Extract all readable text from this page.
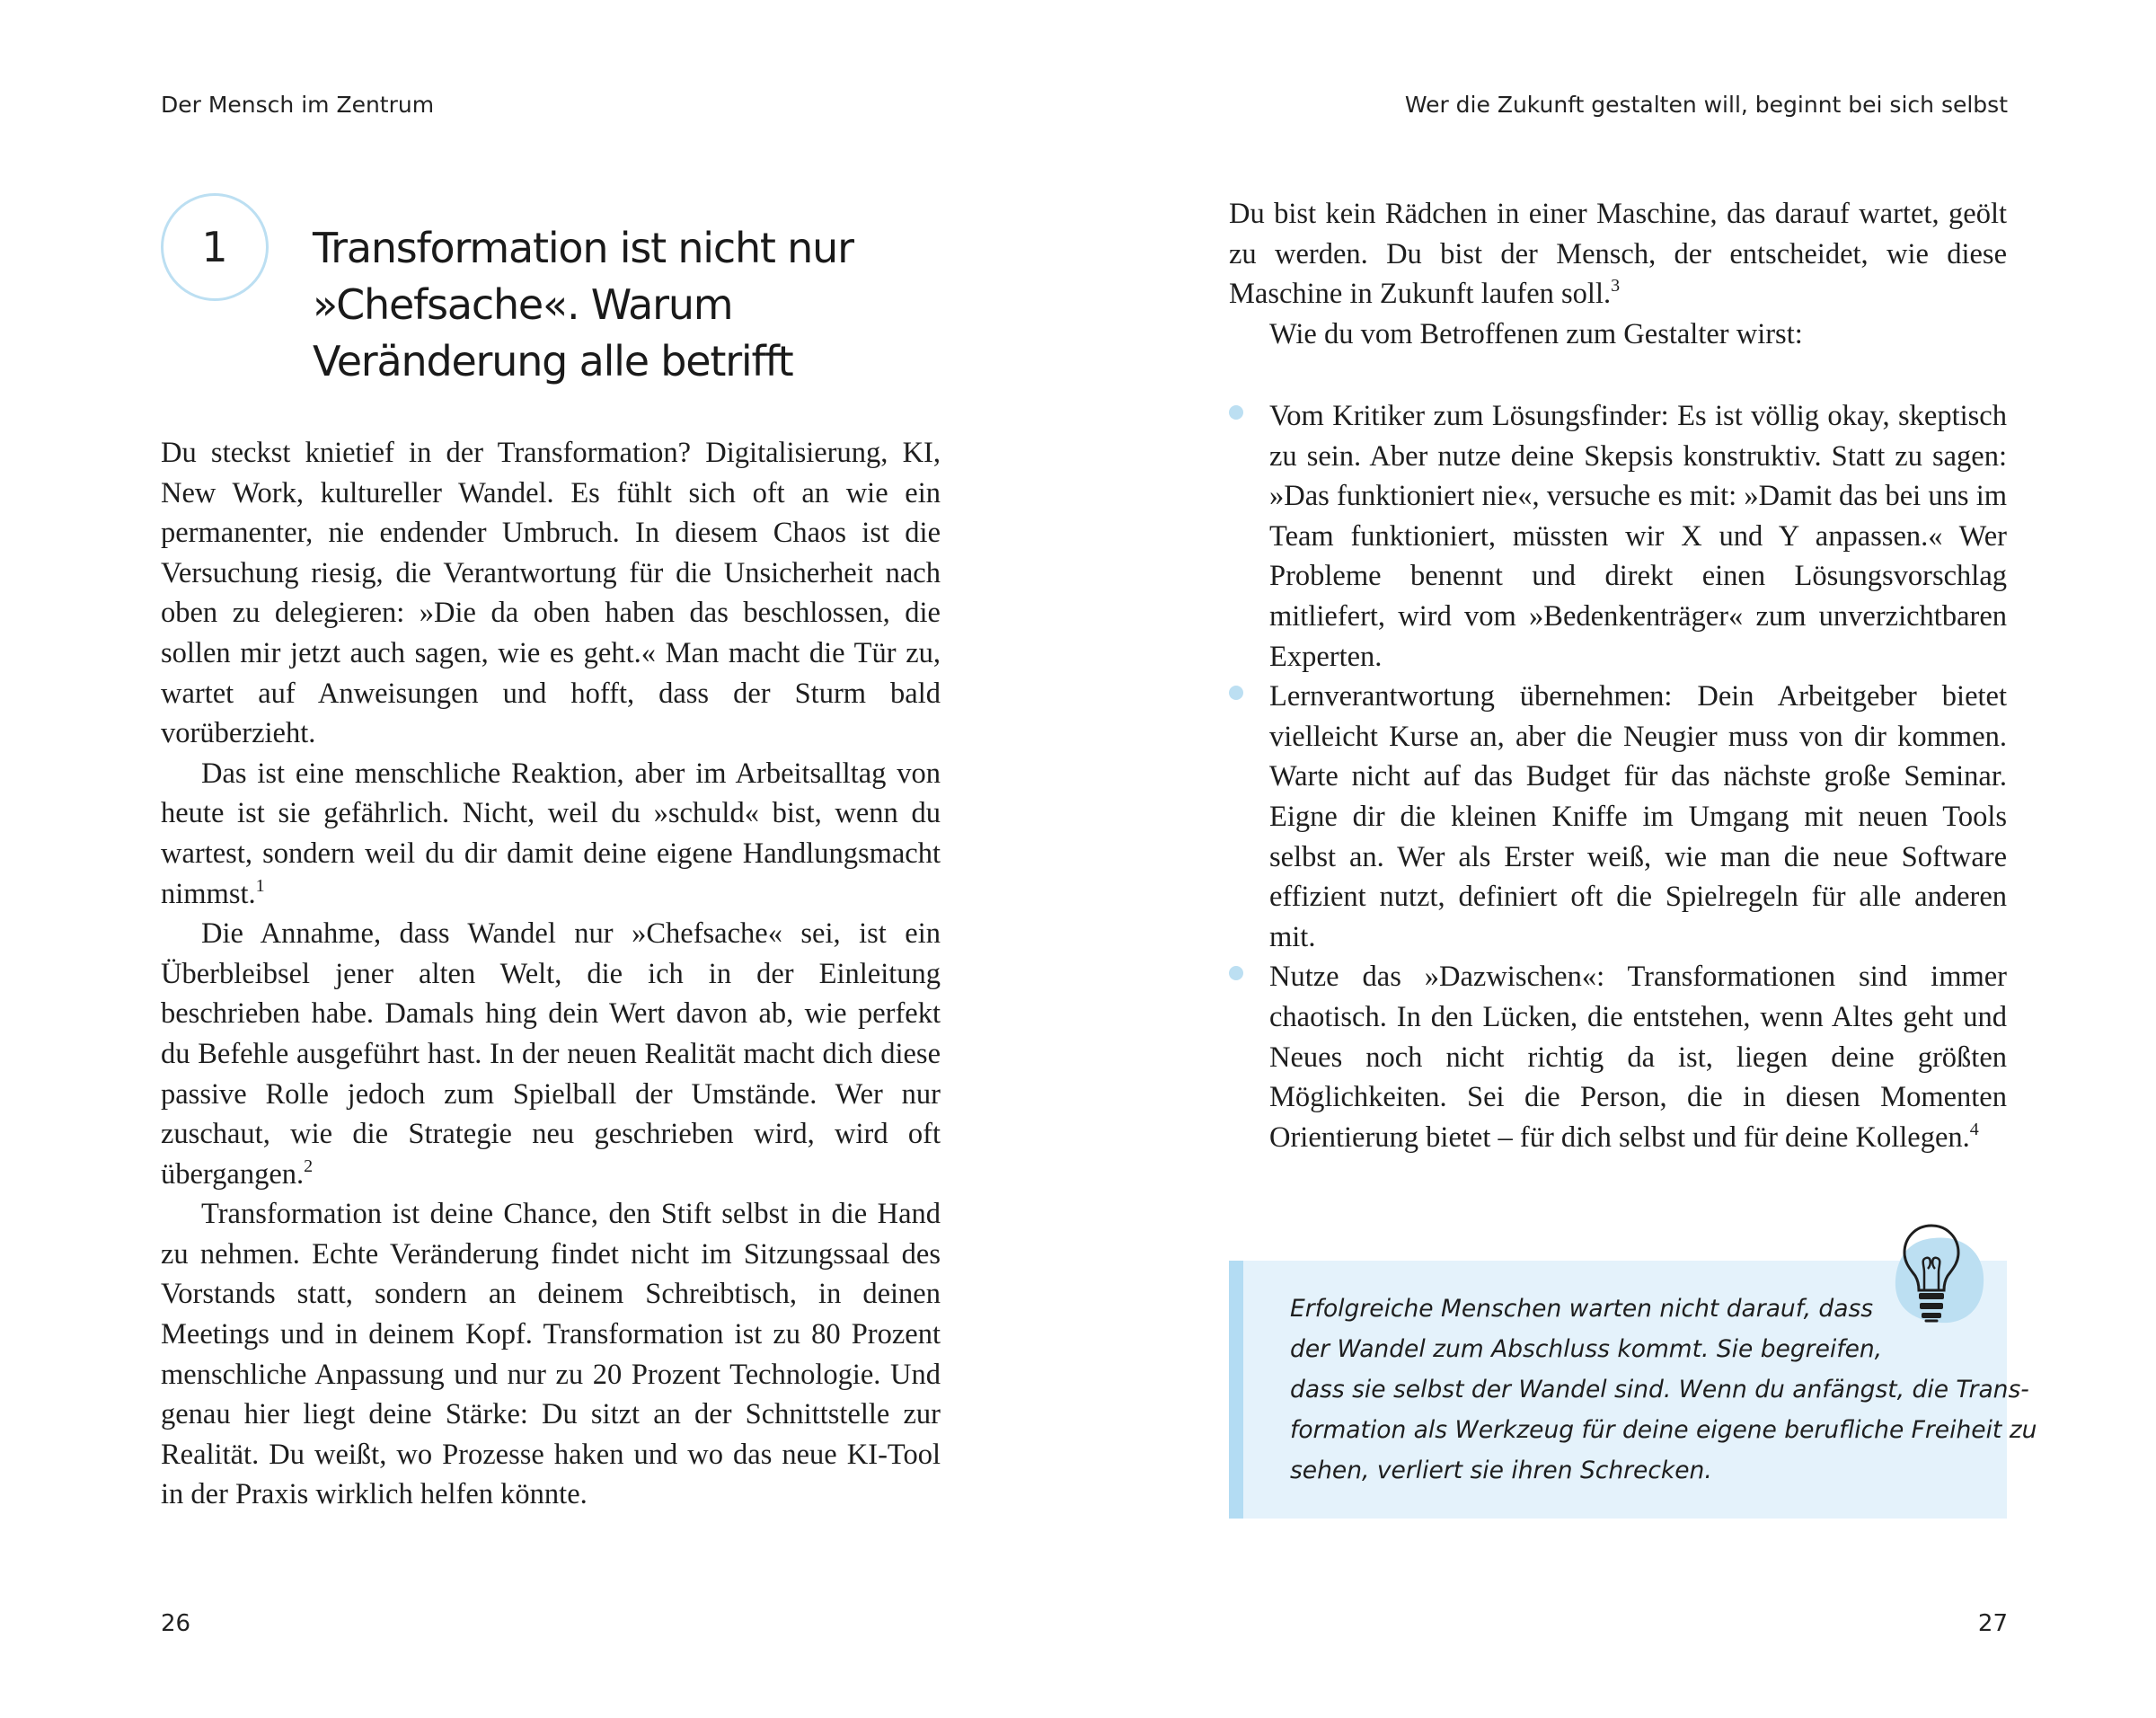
Der Mensch im Zentrum
1 Transformation ist nicht nur
»Chefsache«. Warum
Veränderung alle betrifft

Du steckst knietief in der Transformation? Digitalisierung, KI, New Work, kultureller Wandel. Es fühlt sich oft an wie ein permanenter, nie endender Umbruch. In diesem Chaos ist die Versuchung riesig, die Verantwortung für die Unsicherheit nach oben zu delegieren: »Die da oben haben das beschlossen, die sollen mir jetzt auch sagen, wie es geht.« Man macht die Tür zu, wartet auf Anweisungen und hofft, dass der Sturm bald vorüberzieht.

Das ist eine menschliche Reaktion, aber im Arbeitsalltag von heute ist sie gefährlich. Nicht, weil du »schuld« bist, wenn du wartest, sondern weil du dir damit deine eigene Handlungsmacht nimmst.$^1$

Die Annahme, dass Wandel nur »Chefsache« sei, ist ein Überbleibsel jener alten Welt, die ich in der Einleitung beschrieben habe. Damals hing dein Wert davon ab, wie perfekt du Befehle ausgeführt hast. In der neuen Realität macht dich diese passive Rolle jedoch zum Spielball der Umstände. Wer nur zuschaut, wie die Strategie neu geschrieben wird, wird oft übergangen.$^2$

Transformation ist deine Chance, den Stift selbst in die Hand zu nehmen. Echte Veränderung findet nicht im Sitzungssaal des Vorstands statt, sondern an deinem Schreibtisch, in deinen Meetings und in deinem Kopf. Transformation ist zu 80 Prozent menschliche Anpassung und nur zu 20 Prozent Technologie. Und genau hier liegt deine Stärke: Du sitzt an der Schnittstelle zur Realität. Du weißt, wo Prozesse haken und wo das neue KI-Tool in der Praxis wirklich helfen könnte.

26
Wer die Zukunft gestalten will, beginnt bei sich selbst

Du bist kein Rädchen in einer Maschine, das darauf wartet, geölt zu werden. Du bist der Mensch, der entscheidet, wie diese Maschine in Zukunft laufen soll.$^3$

Wie du vom Betroffenen zum Gestalter wirst:

Vom Kritiker zum Lösungsfinder: Es ist völlig okay, skeptisch zu sein. Aber nutze deine Skepsis konstruktiv. Statt zu sagen: »Das funktioniert nie«, versuche es mit: »Damit das bei uns im Team funktioniert, müssten wir X und Y anpassen.« Wer Probleme benennt und direkt einen Lösungsvorschlag mitliefert, wird vom »Bedenkenträger« zum unverzichtbaren Experten.
Lernverantwortung übernehmen: Dein Arbeitgeber bietet vielleicht Kurse an, aber die Neugier muss von dir kommen. Warte nicht auf das Budget für das nächste große Seminar. Eigne dir die kleinen Kniffe im Umgang mit neuen Tools selbst an. Wer als Erster weiß, wie man die neue Software effizient nutzt, definiert oft die Spielregeln für alle anderen mit.
Nutze das »Dazwischen«: Transformationen sind immer chaotisch. In den Lücken, die entstehen, wenn Altes geht und Neues noch nicht richtig da ist, liegen deine größten Möglichkeiten. Sei die Person, die in diesen Momenten Orientierung bietet – für dich selbst und für deine Kollegen.$^4$

Erfolgreiche Menschen warten nicht darauf, dass
der Wandel zum Abschluss kommt. Sie begreifen,
dass sie selbst der Wandel sind. Wenn du anfängst, die Trans-
formation als Werkzeug für deine eigene berufliche Freiheit zu
sehen, verliert sie ihren Schrecken.

27
